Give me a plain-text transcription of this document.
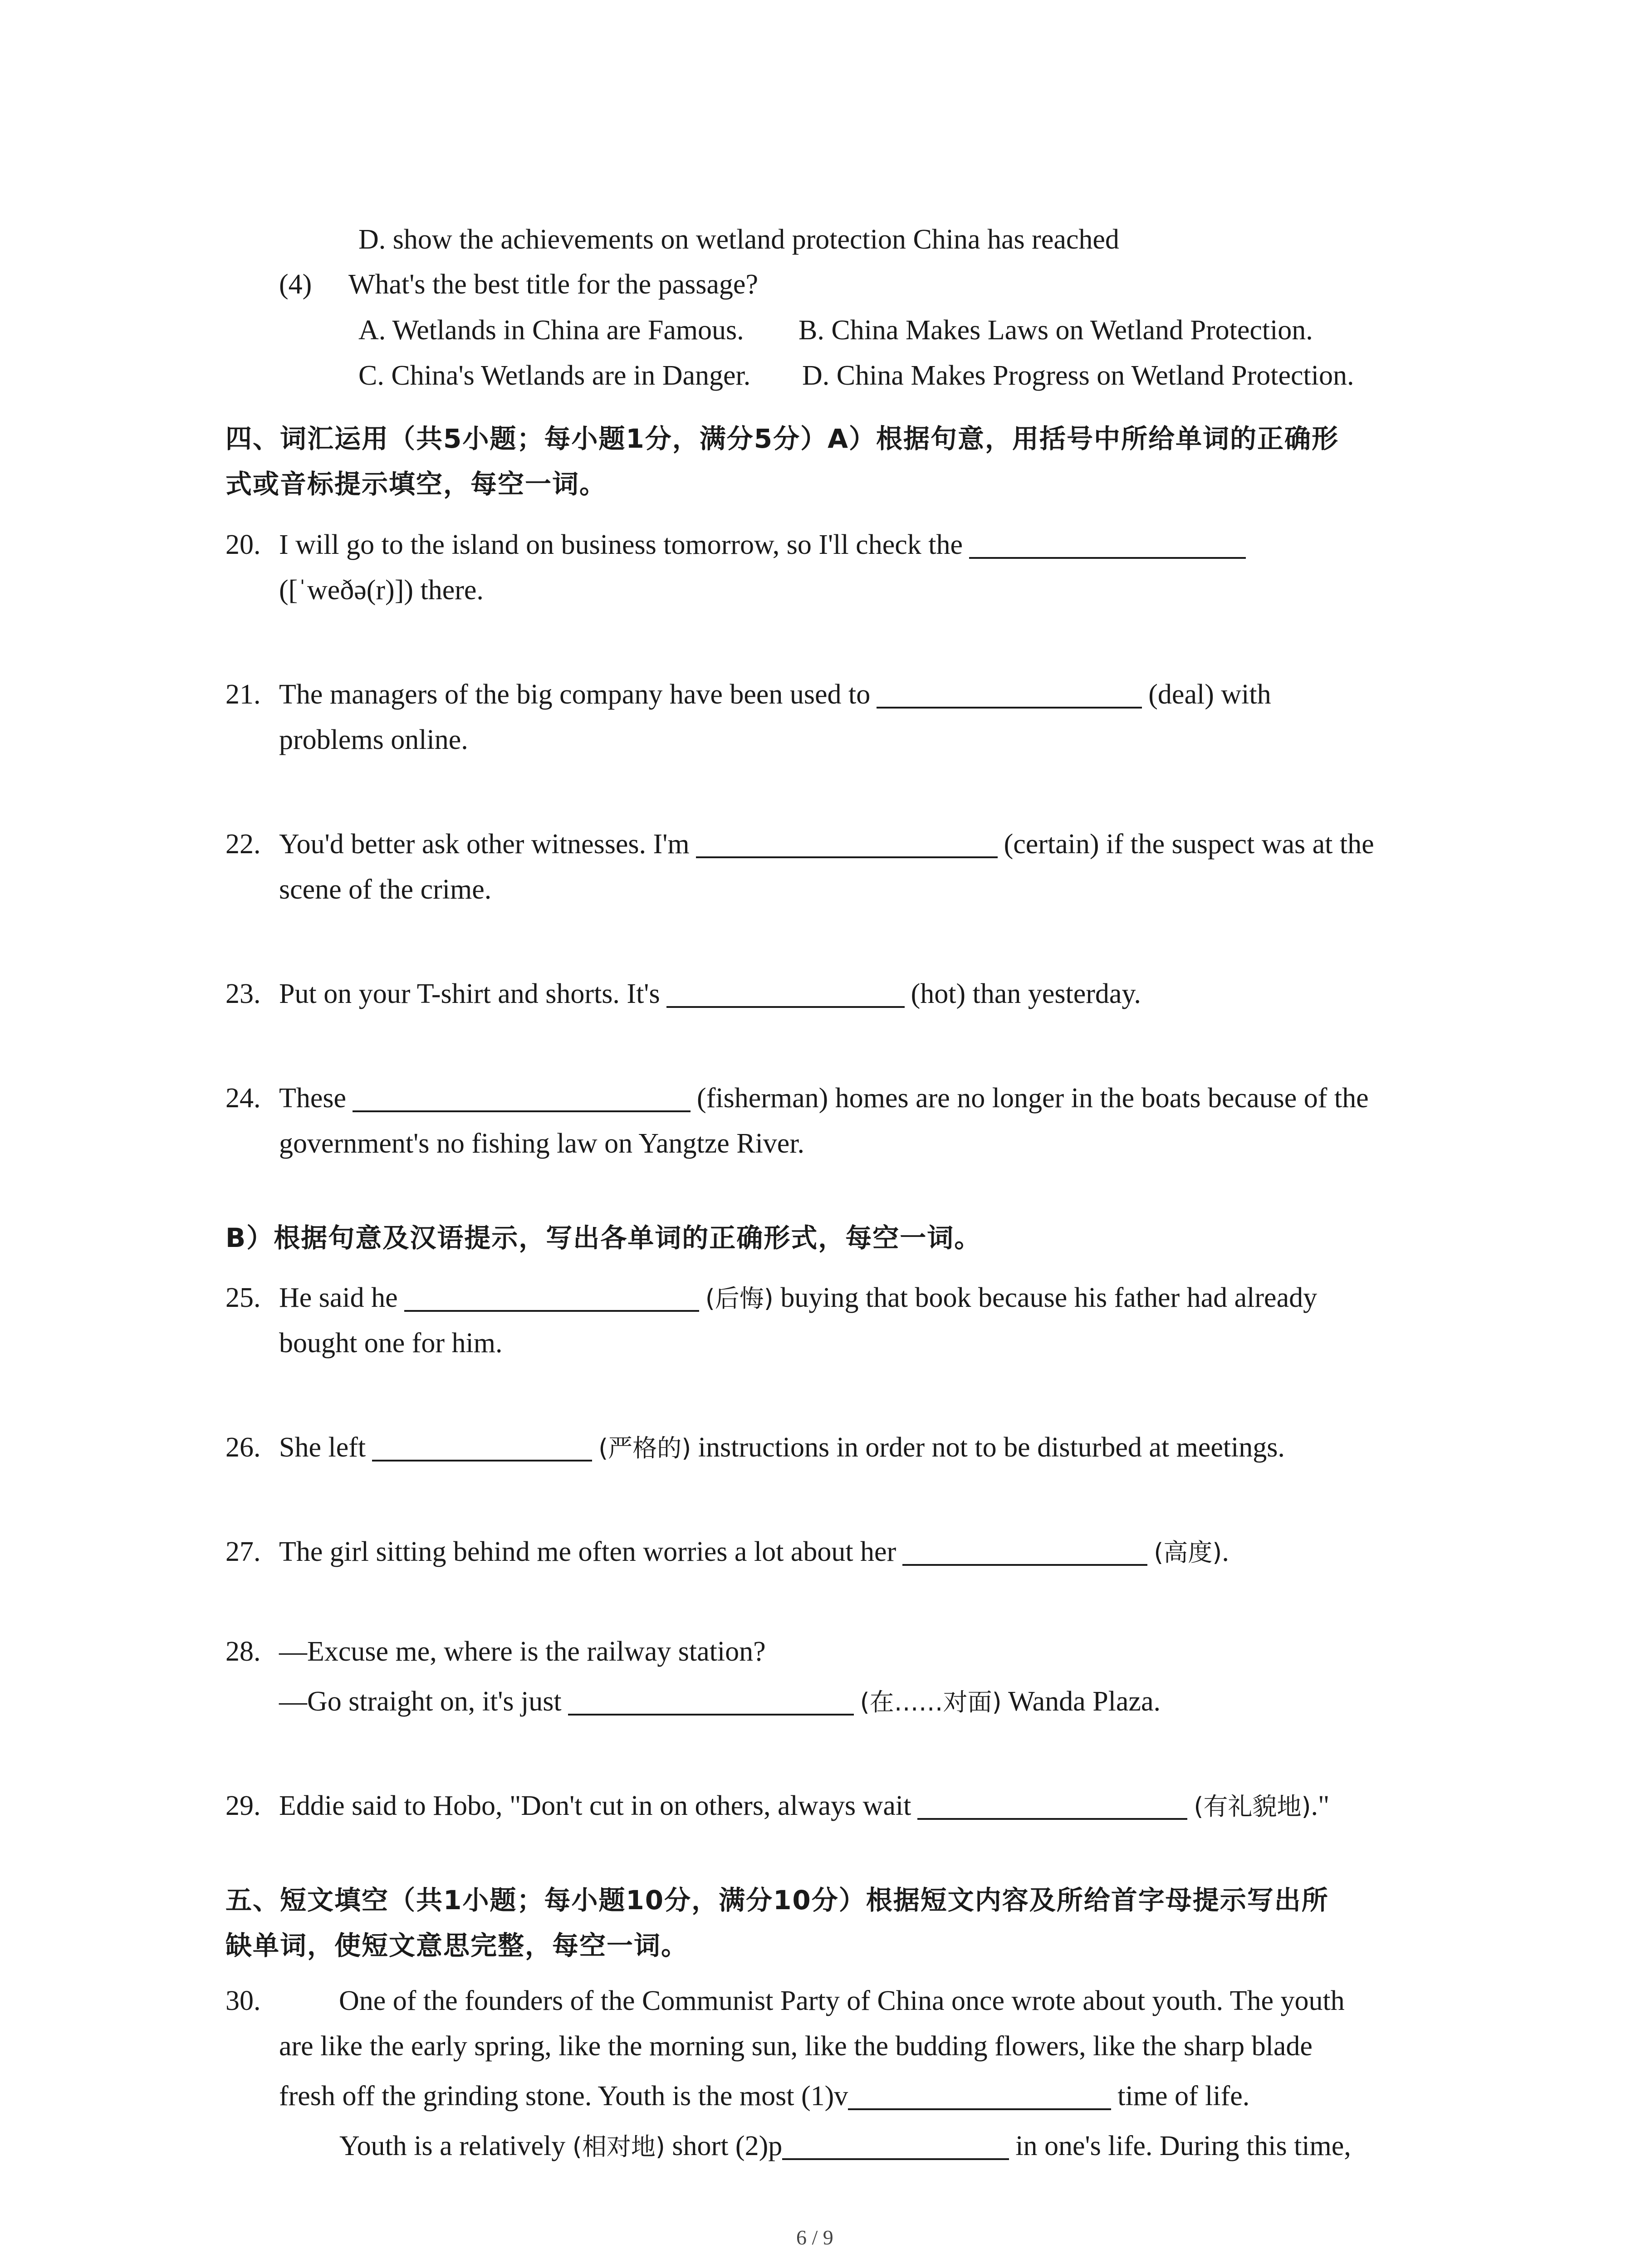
D. show the achievements on wetland protection China has reached
(4) What's the best title for the passage?
A. Wetlands in China are Famous. B. China Makes Laws on Wetland Protection.
C. China's Wetlands are in Danger. D. China Makes Progress on Wetland Protection.
四、词汇运用（共5小题；每小题1分，满分5分）A）根据句意，用括号中所给单词的正确形
式或音标提示填空，每空一词。
20. I will go to the island on business tomorrow, so I'll check the
([ˈweðə(r)]) there.
21. The managers of the big company have been used to	(deal) with
problems online.
22. You'd better ask other witnesses. I'm	(certain) if the suspect was at the
scene of the crime.
23. Put on your T-shirt and shorts. It's	(hot) than yesterday.
24. These	(fisherman) homes are no longer in the boats because of the
government's no fishing law on Yangtze River.
B）根据句意及汉语提示，写出各单词的正确形式，每空一词。
25. He said he	(后悔) buying that book because his father had already
bought one for him.
26. She left	(严格的) instructions in order not to be disturbed at meetings.
27. The girl sitting behind me often worries a lot about her	(高度).
28. —Excuse me, where is the railway station?
—Go straight on, it's just	(在……对面) Wanda Plaza.
29. Eddie said to Hobo, "Don't cut in on others, always wait	(有礼貌地)."
五、短文填空（共1小题；每小题10分，满分10分）根据短文内容及所给首字母提示写出所
缺单词，使短文意思完整，每空一词。
30.	One of the founders of the Communist Party of China once wrote about youth. The youth
are like the early spring, like the morning sun, like the budding flowers, like the sharp blade
fresh off the grinding stone. Youth is the most (1)v	time of life.
Youth is a relatively (相对地) short (2)p	in one's life. During this time,
6 / 9
